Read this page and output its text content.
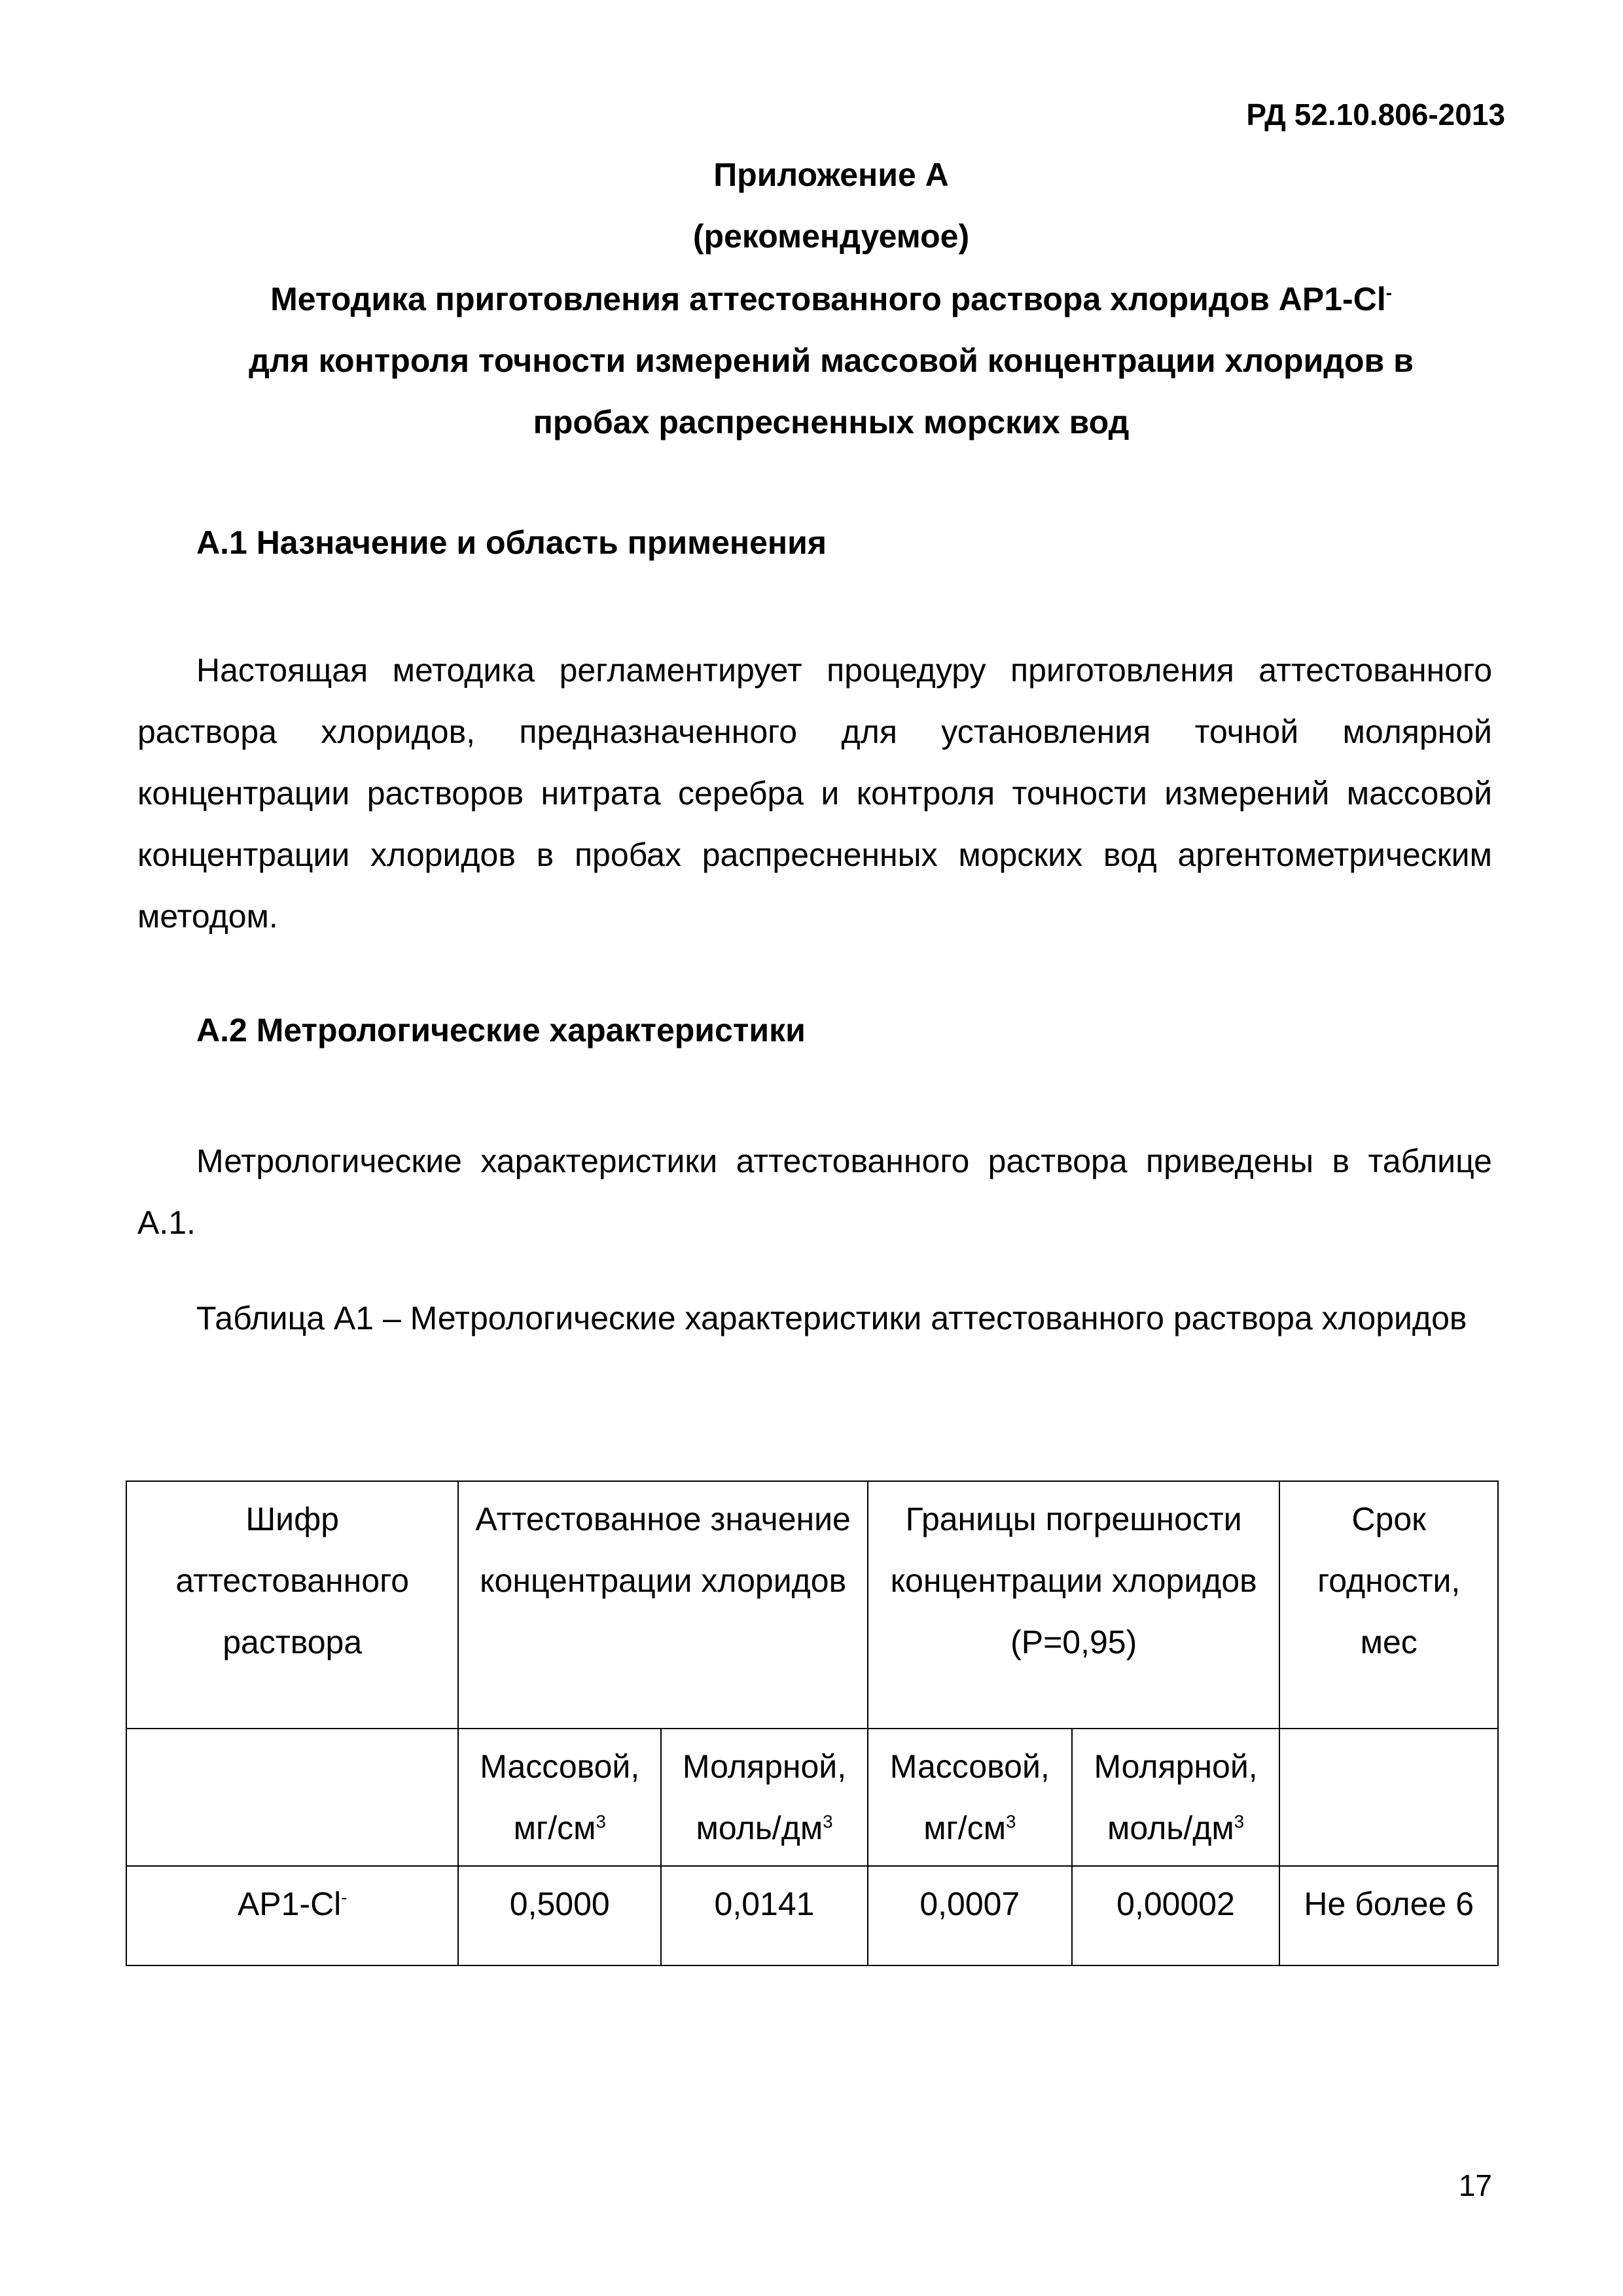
РД 52.10.806-2013
Приложение А
(рекомендуемое)
Методика приготовления аттестованного раствора хлоридов АР1-Cl-
для контроля точности измерений массовой концентрации хлоридов в
пробах распресненных морских вод
А.1 Назначение и область применения
Настоящая методика регламентирует процедуру приготовления аттестованного раствора хлоридов, предназначенного для установления точной молярной концентрации растворов нитрата серебра и контроля точности измерений массовой концентрации хлоридов в пробах распресненных морских вод аргентометрическим методом.
А.2 Метрологические характеристики
Метрологические характеристики аттестованного раствора приведены в таблице А.1.
Таблица А1 – Метрологические характеристики аттестованного раствора хлоридов
Шифр аттестованного раствора	Аттестованное значение концентрации хлоридов		Границы погрешности концентрации хлоридов (Р=0,95)		Срок годности, мес
	Массовой, $мг/см^3$	Молярной, моль/$дм^3$	Массовой, $мг/см^3$	Молярной, моль/$дм^3$	
АР1-Cl-	0,5000	0,0141	0,0007	0,00002	Не более 6
17
